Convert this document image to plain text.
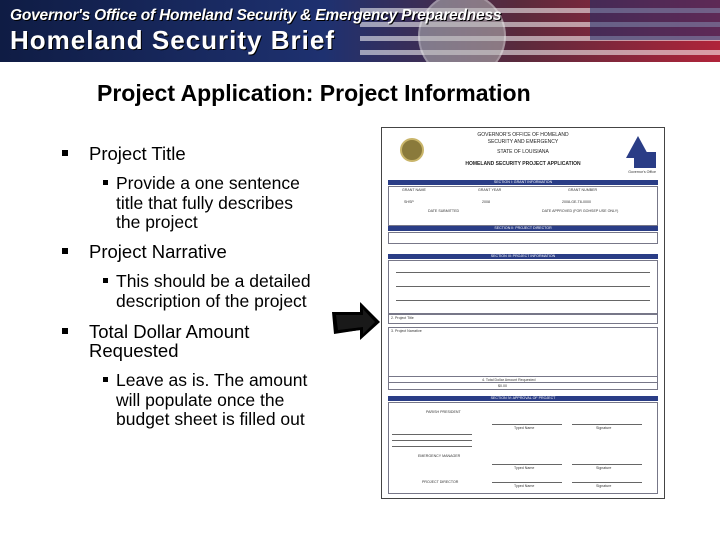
Governor's Office of Homeland Security & Emergency Preparedness
Homeland Security Brief
Project Application: Project Information
Project Title
Provide a one sentence
title that fully describes
the project
Project Narrative
This should be a detailed
description of the project
Total Dollar Amount
Requested
Leave as is. The amount
will populate once the
budget sheet is filled out
Governor's Office
GOVERNOR'S OFFICE OF HOMELAND
SECURITY AND EMERGENCY
STATE OF LOUISIANA
HOMELAND SECURITY PROJECT APPLICATION
SECTION I: GRANT INFORMATION
GRANT NAME	GRANT YEAR	GRANT NUMBER
SHSP	2008	2008-GE-T8-0000
DATE SUBMITTED	DATE APPROVED (FOR GOHSEP USE ONLY)
SECTION II: PROJECT DIRECTOR
SECTION III: PROJECT INFORMATION
2. Project Title
3. Project Narrative
4. Total Dollar Amount Requested
$0.00
SECTION IV: APPROVAL OF PROJECT
PARISH PRESIDENT
Typed Name	Signature
EMERGENCY MANAGER
Typed Name	Signature
PROJECT DIRECTOR
Typed Name	Signature
